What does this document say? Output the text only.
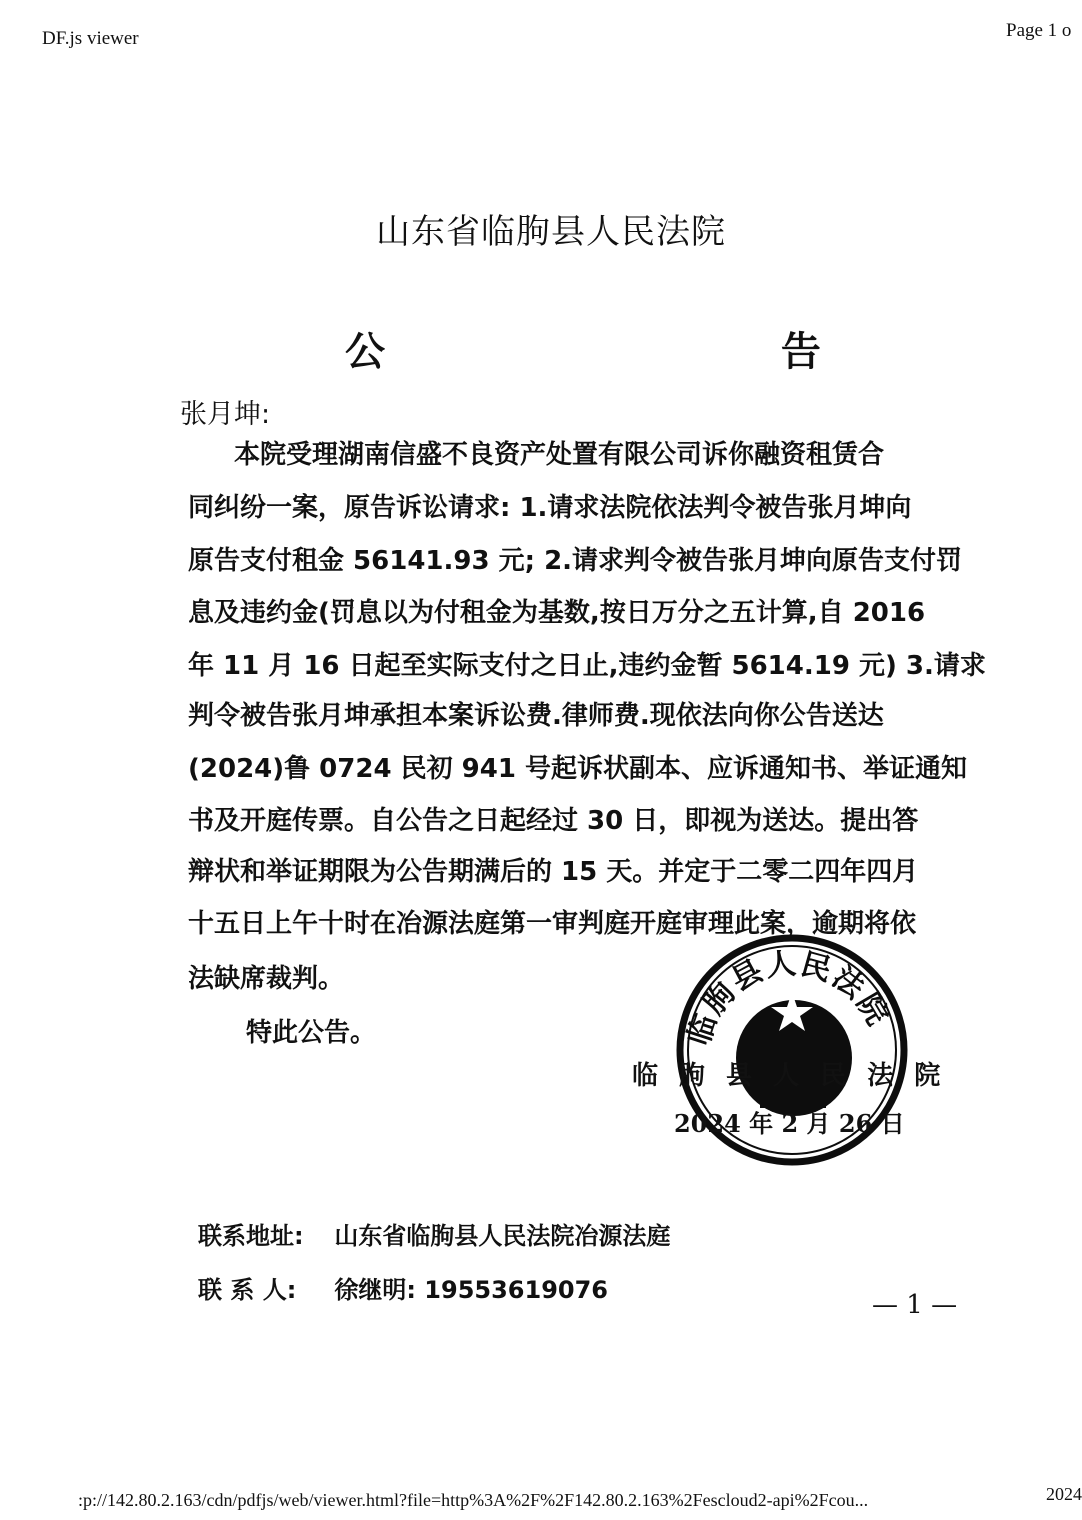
DF.js viewer	Page 1 o
山东省临朐县人民法院
公	告
张月坤:
本院受理湖南信盛不良资产处置有限公司诉你融资租赁合
同纠纷一案，原告诉讼请求: 1.请求法院依法判令被告张月坤向
原告支付租金 56141.93 元; 2.请求判令被告张月坤向原告支付罚
息及违约金(罚息以为付租金为基数,按日万分之五计算,自 2016
年 11 月 16 日起至实际支付之日止,违约金暂 5614.19 元) 3.请求
判令被告张月坤承担本案诉讼费.律师费.现依法向你公告送达
(2024)鲁 0724 民初 941 号起诉状副本、应诉通知书、举证通知
书及开庭传票。自公告之日起经过 30 日，即视为送达。提出答
辩状和举证期限为公告期满后的 15 天。并定于二零二四年四月
十五日上午十时在冶源法庭第一审判庭开庭审理此案，逾期将依
法缺席裁判。
特此公告。	临朐县人民法院
临 朐 县 人 民 法 院
2024 年 2 月 26 日
联系地址: 山东省临朐县人民法院冶源法庭
联 系 人: 徐继明: 19553619076	— 1 —
:p://142.80.2.163/cdn/pdfjs/web/viewer.html?file=http%3A%2F%2F142.80.2.163%2Fescloud2-api%2Fcou...	2024
